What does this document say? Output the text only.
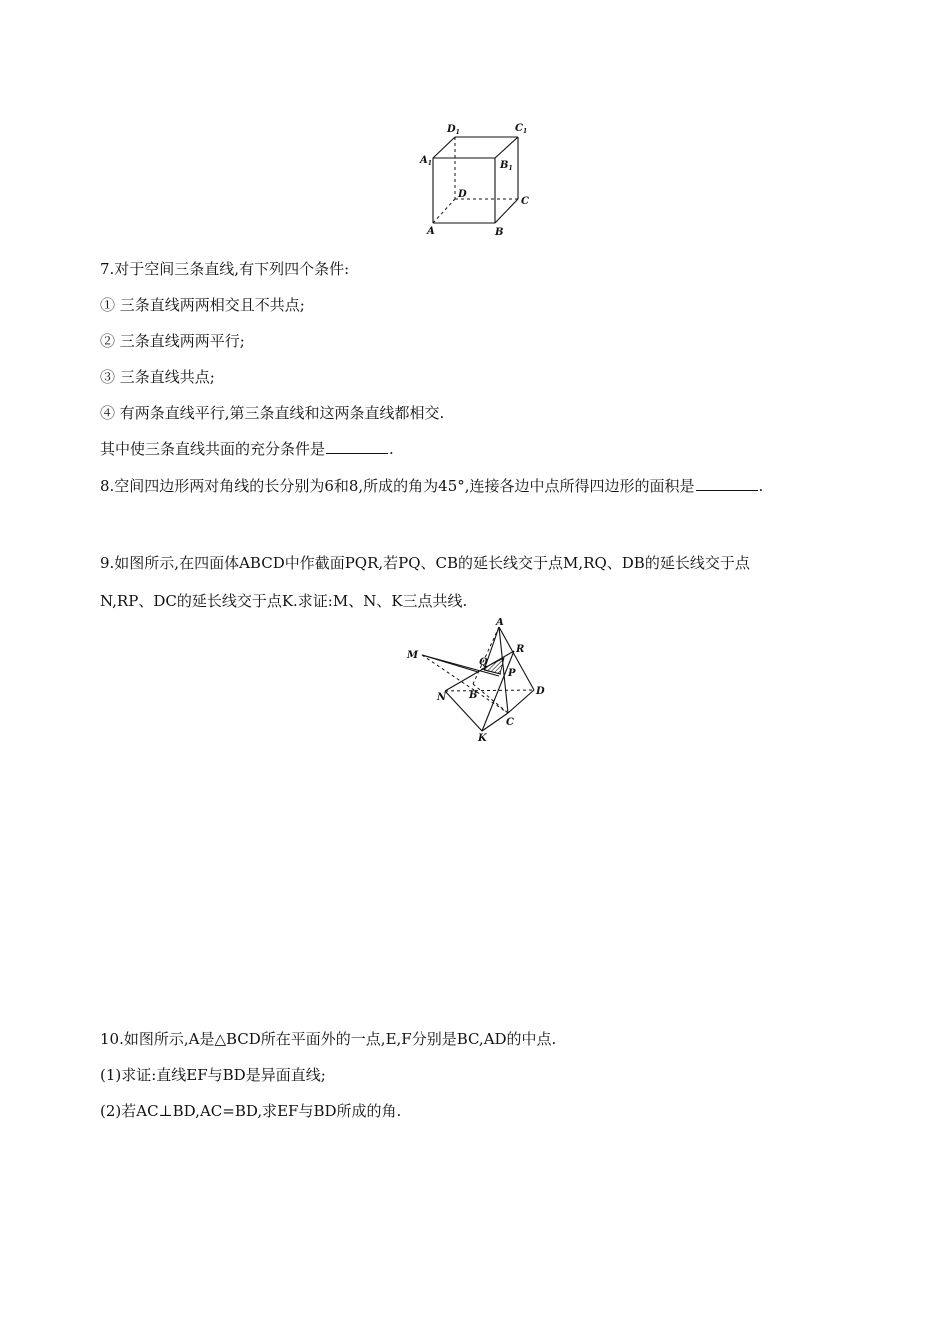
$D_1$	$C_1$
$A_1$	$B_1$
D
C
A	B
7.对于空间三条直线,有下列四个条件:
① 三条直线两两相交且不共点;
② 三条直线两两平行;
③ 三条直线共点;
④ 有两条直线平行,第三条直线和这两条直线都相交.
其中使三条直线共面的充分条件是	.
8.空间四边形两对角线的长分别为6和8,所成的角为45°,连接各边中点所得四边形的面积是	.
9.如图所示,在四面体ABCD中作截面PQR,若PQ、CB的延长线交于点M,RQ、DB的延长线交于点
N,RP、DC的延长线交于点K.求证:M、N、K三点共线.
M
A
R
Q
P
N B	D
C
K
10.如图所示,A是△BCD所在平面外的一点,E,F分别是BC,AD的中点.
(1)求证:直线EF与BD是异面直线;
(2)若AC⊥BD,AC=BD,求EF与BD所成的角.
